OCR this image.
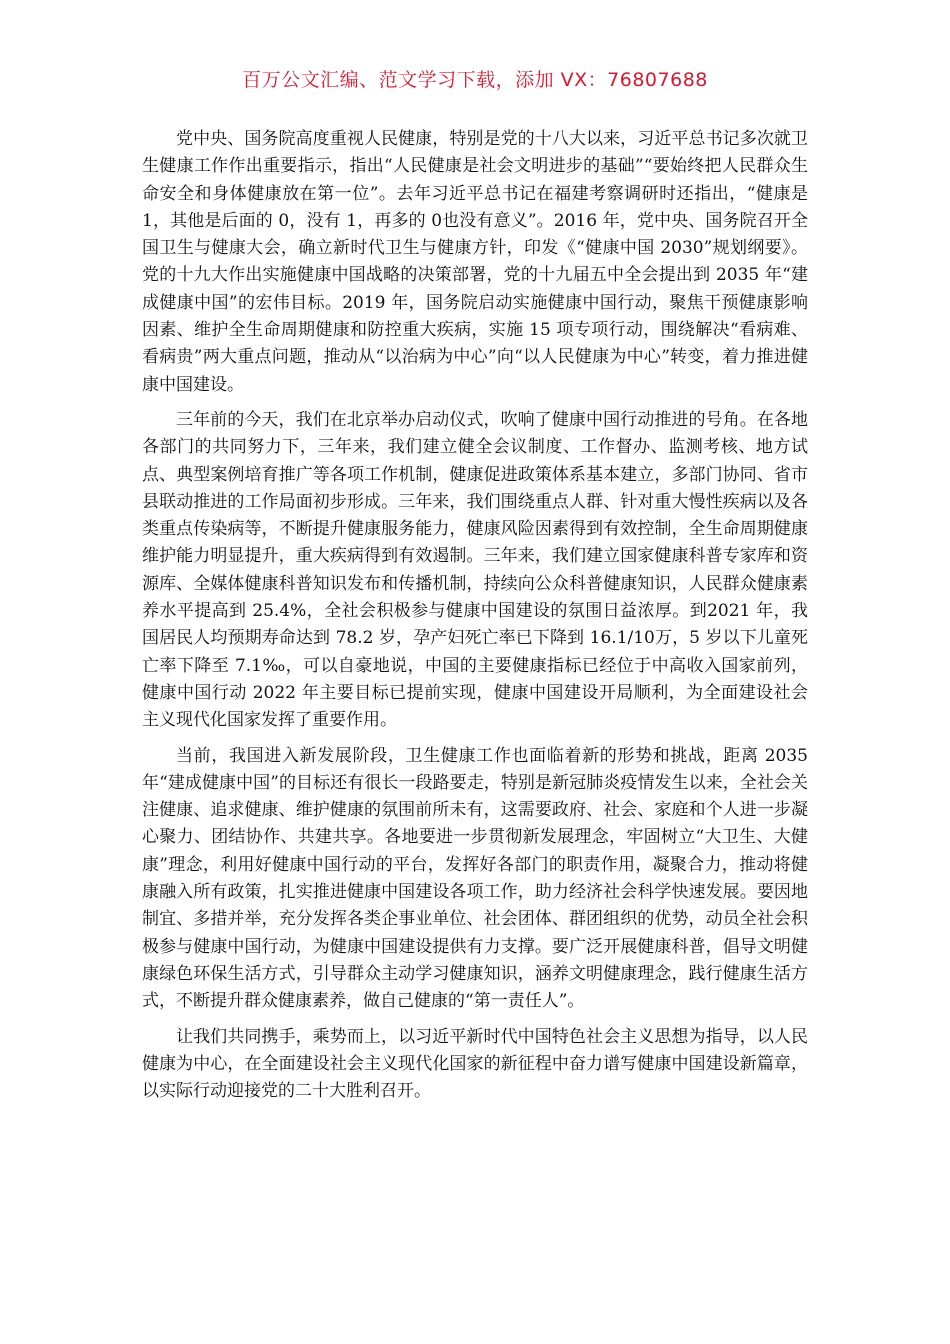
百万公文汇编、范文学习下载，添加 VX：76807688

党中央、国务院高度重视人民健康，特别是党的十八大以来，习近平总书记多次就卫生健康工作作出重要指示，指出“人民健康是社会文明进步的基础”“要始终把人民群众生命安全和身体健康放在第一位”。去年习近平总书记在福建考察调研时还指出，“健康是 1，其他是后面的 0，没有 1，再多的 0也没有意义”。2016 年，党中央、国务院召开全国卫生与健康大会，确立新时代卫生与健康方针，印发《“健康中国 2030”规划纲要》。党的十九大作出实施健康中国战略的决策部署，党的十九届五中全会提出到 2035 年“建成健康中国”的宏伟目标。2019 年，国务院启动实施健康中国行动，聚焦干预健康影响因素、维护全生命周期健康和防控重大疾病，实施 15 项专项行动，围绕解决“看病难、看病贵”两大重点问题，推动从“以治病为中心”向“以人民健康为中心”转变，着力推进健康中国建设。

三年前的今天，我们在北京举办启动仪式，吹响了健康中国行动推进的号角。在各地各部门的共同努力下，三年来，我们建立健全会议制度、工作督办、监测考核、地方试点、典型案例培育推广等各项工作机制，健康促进政策体系基本建立，多部门协同、省市县联动推进的工作局面初步形成。三年来，我们围绕重点人群、针对重大慢性疾病以及各类重点传染病等，不断提升健康服务能力，健康风险因素得到有效控制，全生命周期健康维护能力明显提升，重大疾病得到有效遏制。三年来，我们建立国家健康科普专家库和资源库、全媒体健康科普知识发布和传播机制，持续向公众科普健康知识，人民群众健康素养水平提高到 25.4%，全社会积极参与健康中国建设的氛围日益浓厚。到2021 年，我国居民人均预期寿命达到 78.2 岁，孕产妇死亡率已下降到 16.1/10万，5 岁以下儿童死亡率下降至 7.1‰，可以自豪地说，中国的主要健康指标已经位于中高收入国家前列，健康中国行动 2022 年主要目标已提前实现，健康中国建设开局顺利，为全面建设社会主义现代化国家发挥了重要作用。

当前，我国进入新发展阶段，卫生健康工作也面临着新的形势和挑战，距离 2035 年“建成健康中国”的目标还有很长一段路要走，特别是新冠肺炎疫情发生以来，全社会关注健康、追求健康、维护健康的氛围前所未有，这需要政府、社会、家庭和个人进一步凝心聚力、团结协作、共建共享。各地要进一步贯彻新发展理念，牢固树立“大卫生、大健康”理念，利用好健康中国行动的平台，发挥好各部门的职责作用，凝聚合力，推动将健康融入所有政策，扎实推进健康中国建设各项工作，助力经济社会科学快速发展。要因地制宜、多措并举，充分发挥各类企事业单位、社会团体、群团组织的优势，动员全社会积极参与健康中国行动，为健康中国建设提供有力支撑。要广泛开展健康科普，倡导文明健康绿色环保生活方式，引导群众主动学习健康知识，涵养文明健康理念，践行健康生活方式，不断提升群众健康素养，做自己健康的“第一责任人”。

让我们共同携手，乘势而上，以习近平新时代中国特色社会主义思想为指导，以人民健康为中心，在全面建设社会主义现代化国家的新征程中奋力谱写健康中国建设新篇章，以实际行动迎接党的二十大胜利召开。
